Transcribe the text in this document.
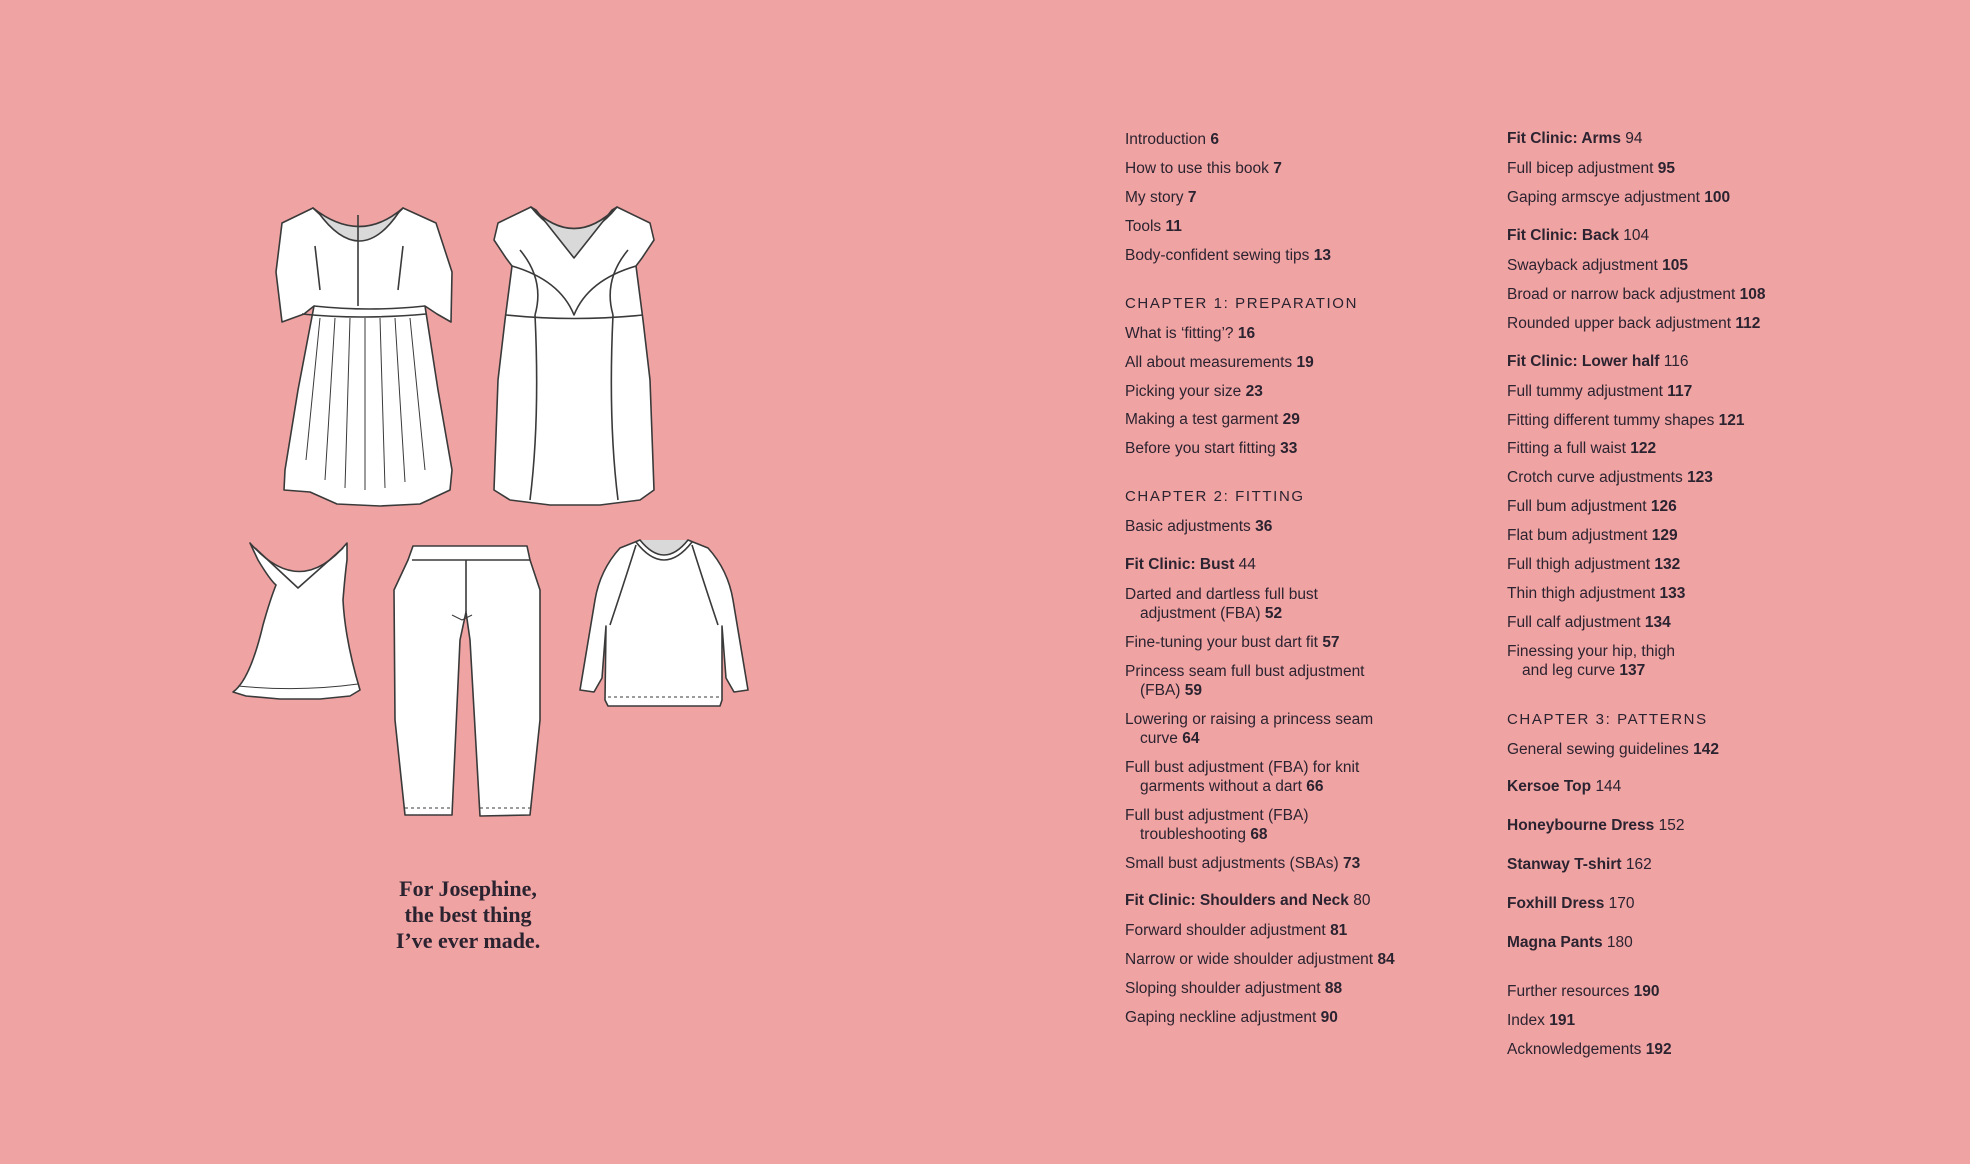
For Josephine,
the best thing
I’ve ever made.
Introduction 6
How to use this book 7
My story 7
Tools 11
Body-confident sewing tips 13
CHAPTER 1: PREPARATION
What is ‘fitting’? 16
All about measurements 19
Picking your size 23
Making a test garment 29
Before you start fitting 33
CHAPTER 2: FITTING
Basic adjustments 36
Fit Clinic: Bust 44
Darted and dartless full bust
adjustment (FBA) 52
Fine-tuning your bust dart fit 57
Princess seam full bust adjustment
(FBA) 59
Lowering or raising a princess seam
curve 64
Full bust adjustment (FBA) for knit
garments without a dart 66
Full bust adjustment (FBA)
troubleshooting 68
Small bust adjustments (SBAs) 73
Fit Clinic: Shoulders and Neck 80
Forward shoulder adjustment 81
Narrow or wide shoulder adjustment 84
Sloping shoulder adjustment 88
Gaping neckline adjustment 90
Fit Clinic: Arms 94
Full bicep adjustment 95
Gaping armscye adjustment 100
Fit Clinic: Back 104
Swayback adjustment 105
Broad or narrow back adjustment 108
Rounded upper back adjustment 112
Fit Clinic: Lower half 116
Full tummy adjustment 117
Fitting different tummy shapes 121
Fitting a full waist 122
Crotch curve adjustments 123
Full bum adjustment 126
Flat bum adjustment 129
Full thigh adjustment 132
Thin thigh adjustment 133
Full calf adjustment 134
Finessing your hip, thigh
and leg curve 137
CHAPTER 3: PATTERNS
General sewing guidelines 142
Kersoe Top 144
Honeybourne Dress 152
Stanway T-shirt 162
Foxhill Dress 170
Magna Pants 180
Further resources 190
Index 191
Acknowledgements 192
